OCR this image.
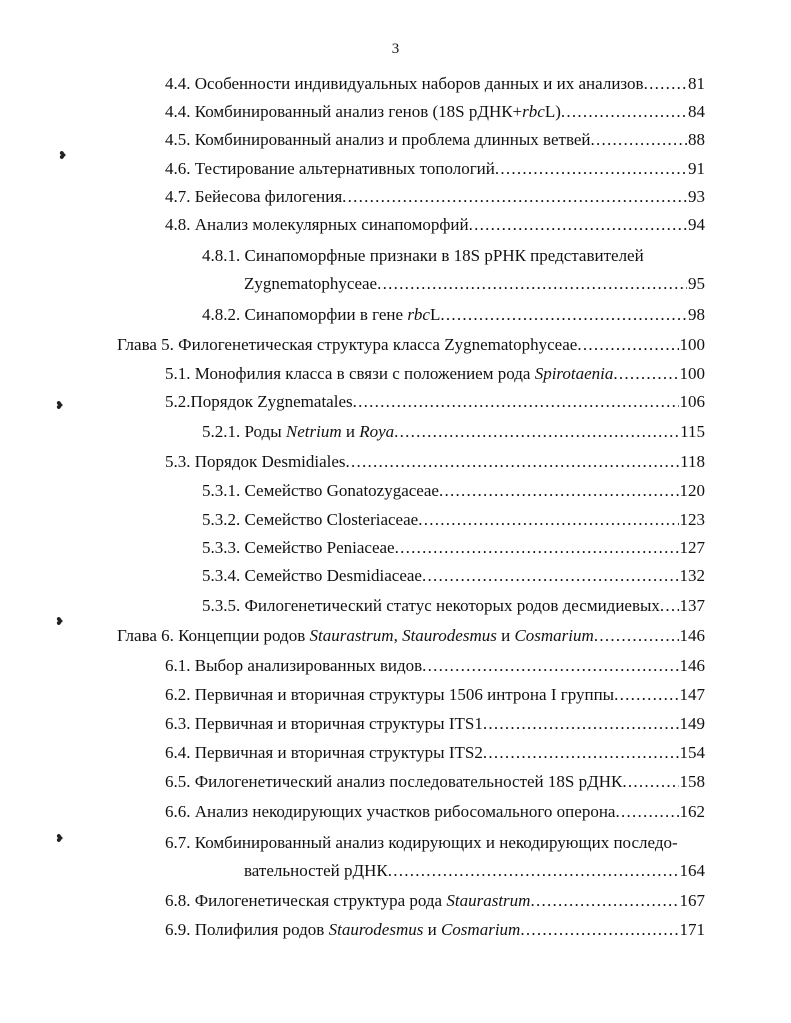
3
4.4. Особенности индивидуальных наборов данных и их анализов . . .	81
4.4. Комбинированный анализ генов (18S рДНК+rbcL) . . .	84
4.5. Комбинированный анализ и проблема длинных ветвей . . .	88
4.6. Тестирование альтернативных топологий . . .	91
4.7. Бейесова филогения . . .	93
4.8. Анализ молекулярных синапоморфий . . .	94
4.8.1. Синапоморфные признаки в 18S рРНК представителей
Zygnematophyceae . . .	95
4.8.2. Синапоморфии в гене rbcL . . .	98
Глава 5. Филогенетическая структура класса Zygnematophyceae . . .	100
5.1. Монофилия класса в связи с положением рода Spirotaenia . . .	100
5.2.Порядок Zygnematales . . .	106
5.2.1. Роды Netrium и Roya . . .	115
5.3. Порядок Desmidiales . . .	118
5.3.1. Семейство Gonatozygaceae . . .	120
5.3.2. Семейство Closteriaceae . . .	123
5.3.3. Семейство Peniaceae . . .	127
5.3.4. Семейство Desmidiaceae . . .	132
5.3.5. Филогенетический статус некоторых родов десмидиевых . . . 137
Глава 6. Концепции родов Staurastrum, Staurodesmus и Cosmarium . . .	146
6.1. Выбор анализированных видов . . .	146
6.2. Первичная и вторичная структуры 1506 интрона I группы . . .	147
6.3. Первичная и вторичная структуры ITS1 . . .	149
6.4. Первичная и вторичная структуры ITS2 . . .	154
6.5. Филогенетический анализ последовательностей 18S рДНК . . .	158
6.6. Анализ некодирующих участков рибосомального оперона . . .	162
6.7. Комбинированный анализ кодирующих и некодирующих последо-
вательностей рДНК . . .	164
6.8. Филогенетическая структура рода Staurastrum . . .	167
6.9. Полифилия родов Staurodesmus и Cosmarium . . .	171
❥
❥
❥
❥
